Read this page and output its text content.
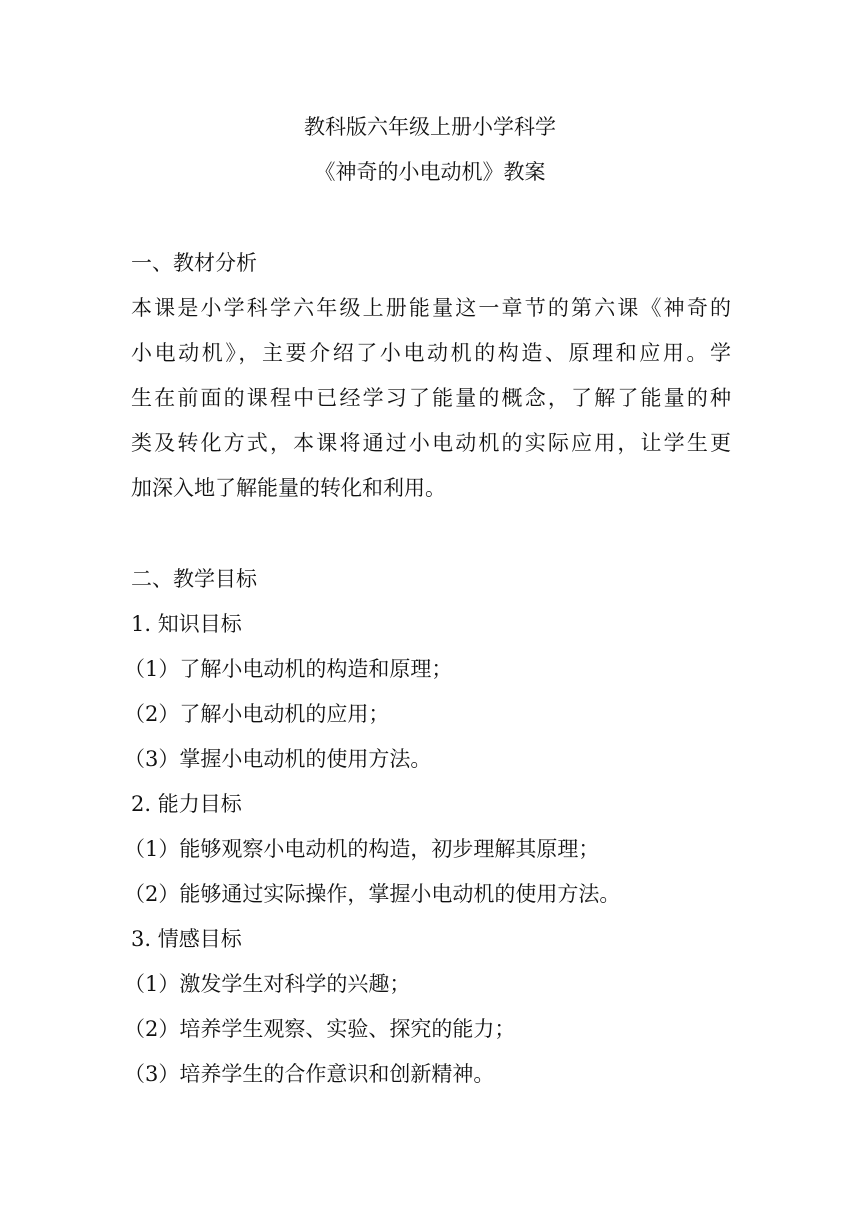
教科版六年级上册小学科学
《神奇的小电动机》教案
一、教材分析
本课是小学科学六年级上册能量这一章节的第六课《神奇的
小电动机》，主要介绍了小电动机的构造、原理和应用。学
生在前面的课程中已经学习了能量的概念，了解了能量的种
类及转化方式，本课将通过小电动机的实际应用，让学生更
加深入地了解能量的转化和利用。
二、教学目标
1. 知识目标
（1）了解小电动机的构造和原理；
（2）了解小电动机的应用；
（3）掌握小电动机的使用方法。
2. 能力目标
（1）能够观察小电动机的构造，初步理解其原理；
（2）能够通过实际操作，掌握小电动机的使用方法。
3. 情感目标
（1）激发学生对科学的兴趣；
（2）培养学生观察、实验、探究的能力；
（3）培养学生的合作意识和创新精神。
